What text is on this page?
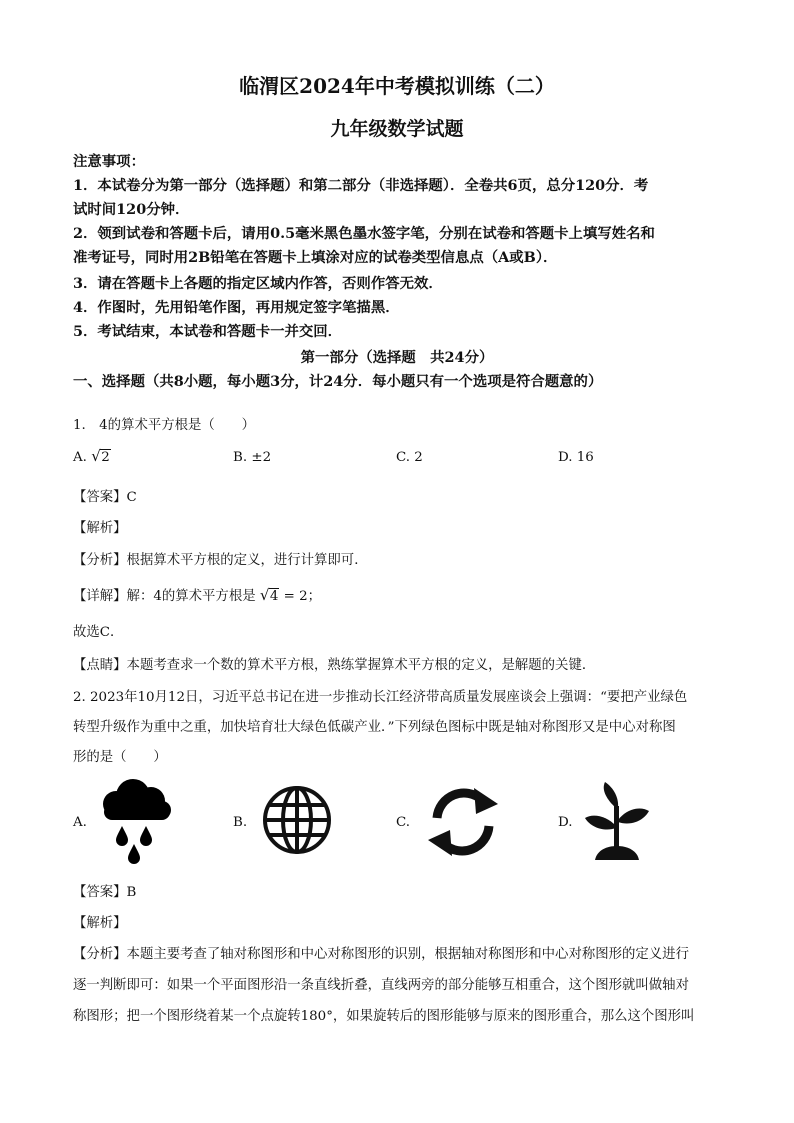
临渭区2024年中考模拟训练（二）
九年级数学试题
注意事项：
1．本试卷分为第一部分（选择题）和第二部分（非选择题）．全卷共6页，总分120分．考
试时间120分钟．
2．领到试卷和答题卡后，请用0.5毫米黑色墨水签字笔，分别在试卷和答题卡上填写姓名和
准考证号，同时用2B铅笔在答题卡上填涂对应的试卷类型信息点（A或B）．
3．请在答题卡上各题的指定区域内作答，否则作答无效．
4．作图时，先用铅笔作图，再用规定签字笔描黑．
5．考试结束，本试卷和答题卡一并交回．
第一部分（选择题　共24分）
一、选择题（共8小题，每小题3分，计24分．每小题只有一个选项是符合题意的）
1.　4的算术平方根是（　　）
A. √ 2	B. ±2	C. 2	D. 16
【答案】C
【解析】
【分析】根据算术平方根的定义，进行计算即可．
【详解】解：4的算术平方根是 √ 4 = 2；
故选C．
【点睛】本题考查求一个数的算术平方根，熟练掌握算术平方根的定义，是解题的关键．
2. 2023年10月12日，习近平总书记在进一步推动长江经济带高质量发展座谈会上强调：“要把产业绿色
转型升级作为重中之重，加快培育壮大绿色低碳产业．”下列绿色图标中既是轴对称图形又是中心对称图
形的是（　　）
A.	B.	C.	D.
【答案】B
【解析】
【分析】本题主要考查了轴对称图形和中心对称图形的识别，根据轴对称图形和中心对称图形的定义进行
逐一判断即可：如果一个平面图形沿一条直线折叠，直线两旁的部分能够互相重合，这个图形就叫做轴对
称图形；把一个图形绕着某一个点旋转180°，如果旋转后的图形能够与原来的图形重合，那么这个图形叫
